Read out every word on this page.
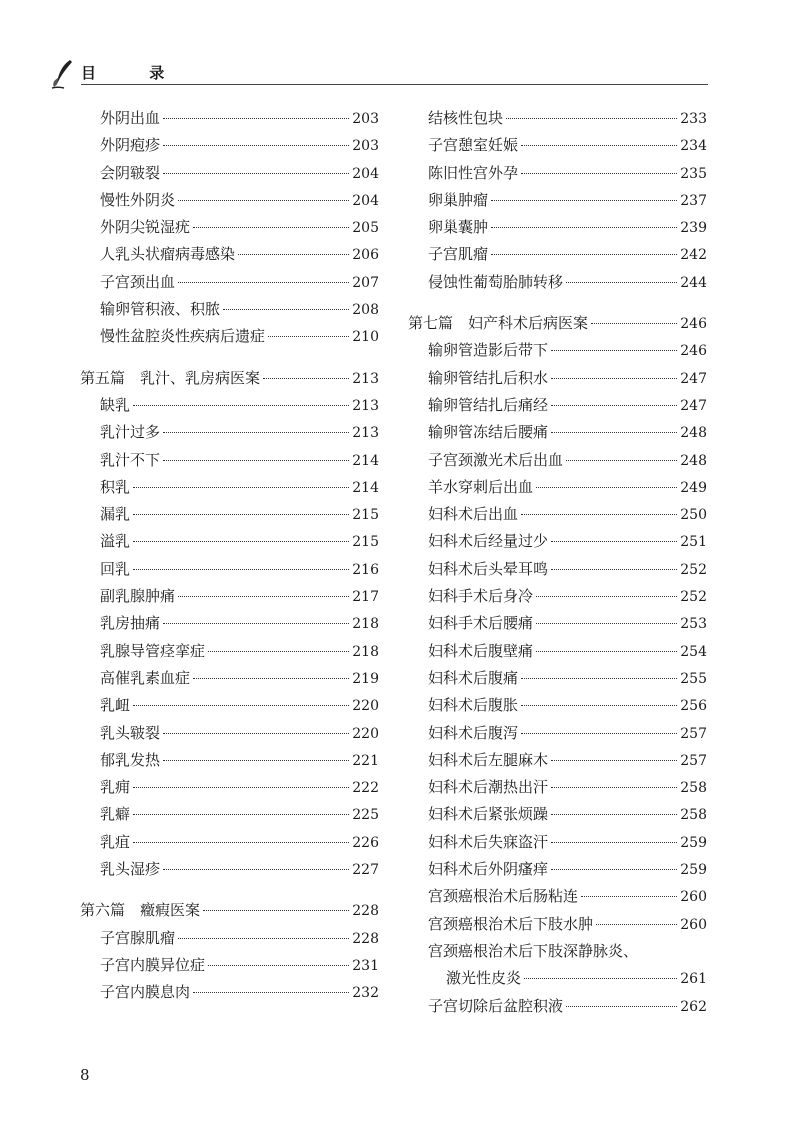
目 录
外阴出血	203
外阴疱疹	203
会阴皲裂	204
慢性外阴炎	204
外阴尖锐湿疣	205
人乳头状瘤病毒感染	206
子宫颈出血	207
输卵管积液、积脓	208
慢性盆腔炎性疾病后遗症	210
第五篇　乳汁、乳房病医案	213
缺乳	213
乳汁过多	213
乳汁不下	214
积乳	214
漏乳	215
溢乳	215
回乳	216
副乳腺肿痛	217
乳房抽痛	218
乳腺导管痉挛症	218
高催乳素血症	219
乳衄	220
乳头皲裂	220
郁乳发热	221
乳痈	222
乳癖	225
乳疽	226
乳头湿疹	227
第六篇　癥瘕医案	228
子宫腺肌瘤	228
子宫内膜异位症	231
子宫内膜息肉	232
结核性包块	233
子宫憩室妊娠	234
陈旧性宫外孕	235
卵巢肿瘤	237
卵巢囊肿	239
子宫肌瘤	242
侵蚀性葡萄胎肺转移	244
第七篇　妇产科术后病医案	246
输卵管造影后带下	246
输卵管结扎后积水	247
输卵管结扎后痛经	247
输卵管冻结后腰痛	248
子宫颈激光术后出血	248
羊水穿刺后出血	249
妇科术后出血	250
妇科术后经量过少	251
妇科术后头晕耳鸣	252
妇科手术后身冷	252
妇科手术后腰痛	253
妇科术后腹壁痛	254
妇科术后腹痛	255
妇科术后腹胀	256
妇科术后腹泻	257
妇科术后左腿麻木	257
妇科术后潮热出汗	258
妇科术后紧张烦躁	258
妇科术后失寐盗汗	259
妇科术后外阴瘙痒	259
宫颈癌根治术后肠粘连	260
宫颈癌根治术后下肢水肿	260
宫颈癌根治术后下肢深静脉炎、
激光性皮炎	261
子宫切除后盆腔积液	262
8
